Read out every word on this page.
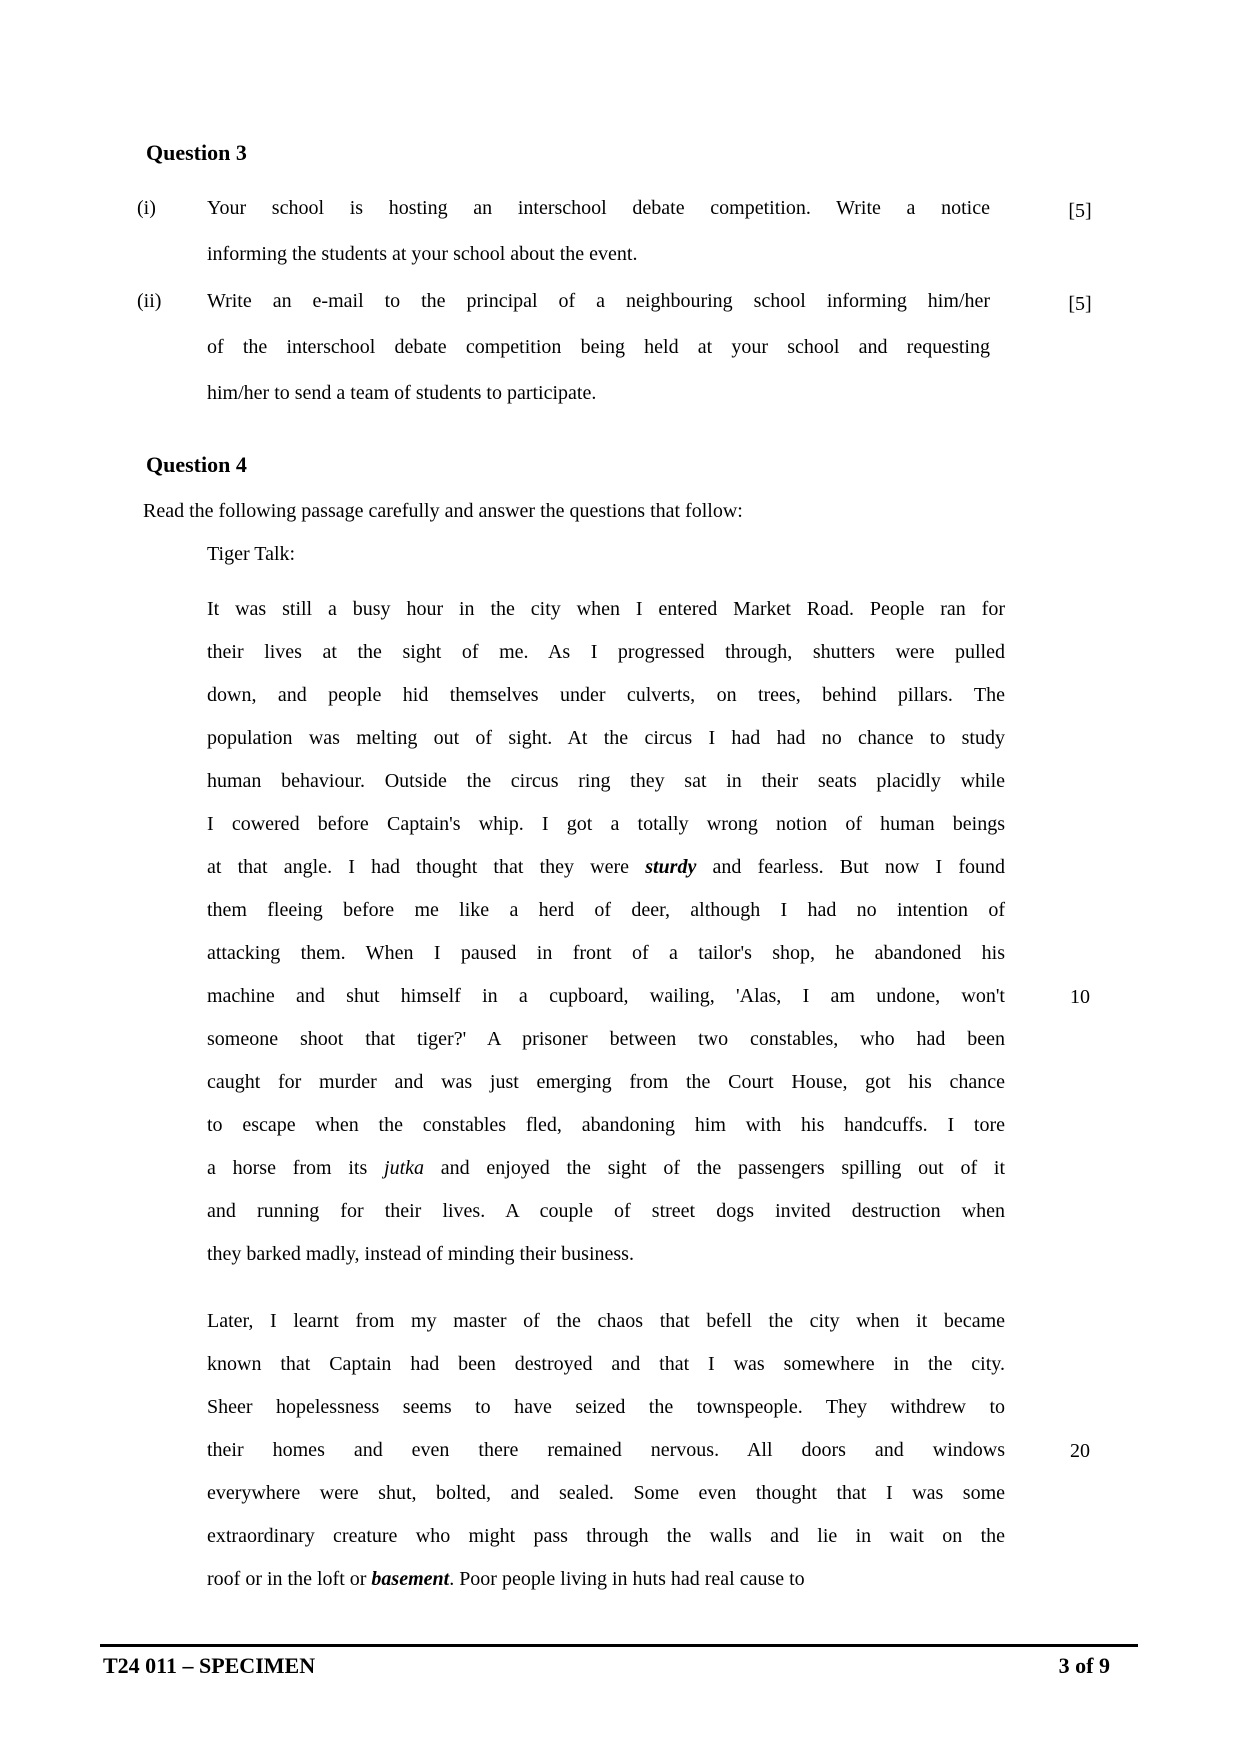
Question 3
(i)	Your school is hosting an interschool debate competition. Write a notice
informing the students at your school about the event.
[5]
(ii)	Write an e-mail to the principal of a neighbouring school informing him/her
of the interschool debate competition being held at your school and requesting
him/her to send a team of students to participate.
[5]
Question 4
Read the following passage carefully and answer the questions that follow:
Tiger Talk:
It was still a busy hour in the city when I entered Market Road. People ran for
their lives at the sight of me. As I progressed through, shutters were pulled
down, and people hid themselves under culverts, on trees, behind pillars. The
population was melting out of sight. At the circus I had had no chance to study
human behaviour. Outside the circus ring they sat in their seats placidly while
I cowered before Captain's whip. I got a totally wrong notion of human beings
at that angle. I had thought that they were sturdy and fearless. But now I found
them fleeing before me like a herd of deer, although I had no intention of
attacking them. When I paused in front of a tailor's shop, he abandoned his
machine and shut himself in a cupboard, wailing, 'Alas, I am undone, won't
someone shoot that tiger?' A prisoner between two constables, who had been
caught for murder and was just emerging from the Court House, got his chance
to escape when the constables fled, abandoning him with his handcuffs. I tore
a horse from its jutka and enjoyed the sight of the passengers spilling out of it
and running for their lives. A couple of street dogs invited destruction when
they barked madly, instead of minding their business.
Later, I learnt from my master of the chaos that befell the city when it became
known that Captain had been destroyed and that I was somewhere in the city.
Sheer hopelessness seems to have seized the townspeople. They withdrew to
their homes and even there remained nervous. All doors and windows
everywhere were shut, bolted, and sealed. Some even thought that I was some
extraordinary creature who might pass through the walls and lie in wait on the
roof or in the loft or basement. Poor people living in huts had real cause to
10
20
T24 011 – SPECIMEN	3 of 9
